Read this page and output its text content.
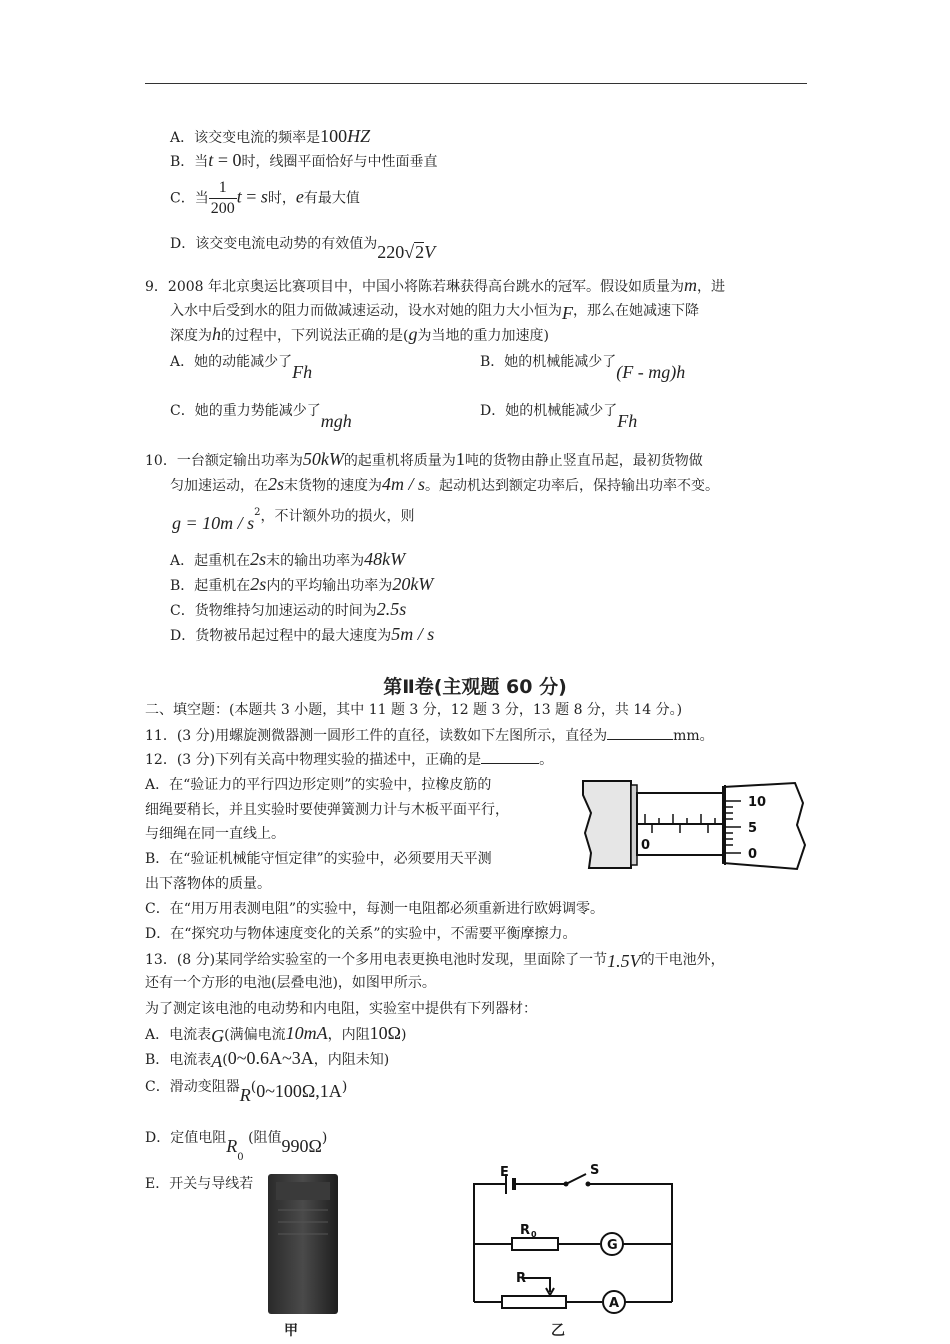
A．该交变电流的频率是100HZ
B．当t = 0时，线圈平面恰好与中性面垂直
C．当 $\frac{1}{200}$ t = s时，e有最大值
D．该交变电流电动势的有效值为220√2V
9．2008 年北京奥运比赛项目中，中国小将陈若琳获得高台跳水的冠军。假设如质量为m，进
入水中后受到水的阻力而做减速运动，设水对她的阻力大小恒为F，那么在她减速下降
深度为h的过程中，下列说法正确的是(g为当地的重力加速度)
A．她的动能减少了Fh	B．她的机械能减少了(F - mg)h
C．她的重力势能减少了mgh	D．她的机械能减少了Fh
10．一台额定输出功率为50kW的起重机将质量为1吨的货物由静止竖直吊起，最初货物做
匀加速运动，在2s末货物的速度为4m / s。起动机达到额定功率后，保持输出功率不变。
$g = 10m / s^2$，不计额外功的损火，则
A．起重机在2s末的输出功率为48kW
B．起重机在2s内的平均输出功率为20kW
C．货物维持匀加速运动的时间为2.5s
D．货物被吊起过程中的最大速度为5m / s
第Ⅱ卷(主观题 60 分)
二、填空题：(本题共 3 小题，其中 11 题 3 分，12 题 3 分，13 题 8 分，共 14 分。)
11．(3 分)用螺旋测微器测一圆形工件的直径，读数如下左图所示，直径为	mm。
12．(3 分)下列有关高中物理实验的描述中，正确的是	。
A．在“验证力的平行四边形定则”的实验中，拉橡皮筋的
细绳要稍长，并且实验时要使弹簧测力计与木板平面平行，
与细绳在同一直线上。
B．在“验证机械能守恒定律”的实验中，必须要用天平测
出下落物体的质量。
C．在“用万用表测电阻”的实验中，每测一电阻都必须重新进行欧姆调零。
D．在“探究功与物体速度变化的关系”的实验中，不需要平衡摩擦力。
0
10
5
0
13．(8 分)某同学给实验室的一个多用电表更换电池时发现，里面除了一节1.5V的干电池外，
还有一个方形的电池(层叠电池)，如图甲所示。
为了测定该电池的电动势和内电阻，实验室中提供有下列器材：
A．电流表G(满偏电流10mA，内阻10Ω)
B．电流表A(0~0.6A~3A，内阻未知)
C．滑动变阻器R(0~100Ω,1A)
D．定值电阻$R_0$ (阻值990Ω)
E．开关与导线若
甲
E	S
R 0
G
R
A
乙
